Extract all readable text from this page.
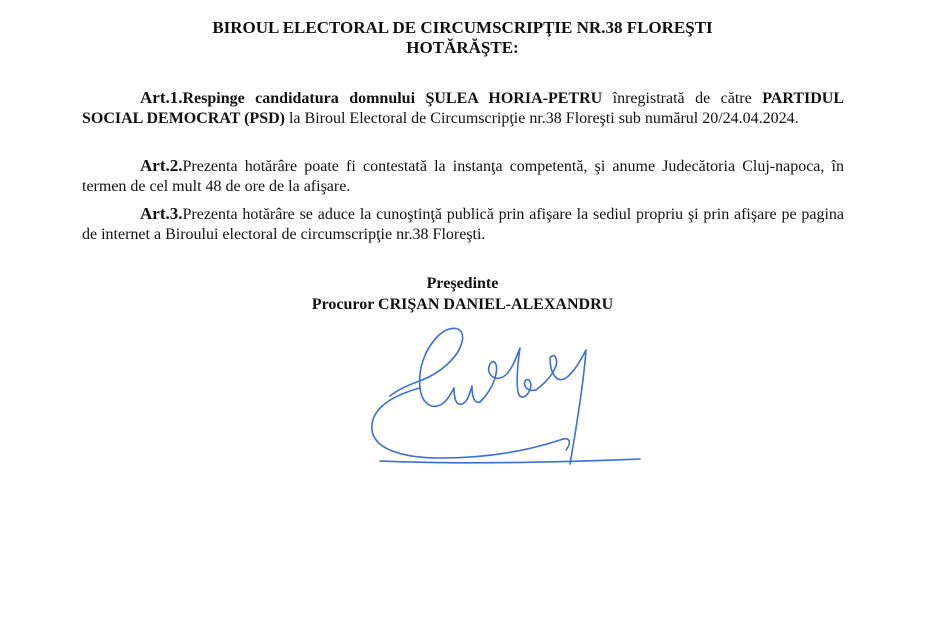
BIROUL ELECTORAL DE CIRCUMSCRIPŢIE NR.38 FLOREŞTI
HOTĂRĂŞTE:

Art.1.Respinge candidatura domnului ŞULEA HORIA-PETRU înregistrată de către PARTIDUL SOCIAL DEMOCRAT (PSD) la Biroul Electoral de Circumscripţie nr.38 Floreşti sub numărul 20/24.04.2024.

Art.2.Prezenta hotărâre poate fi contestată la instanţa competentă, şi anume Judecătoria Cluj-napoca, în termen de cel mult 48 de ore de la afişare.

Art.3.Prezenta hotărâre se aduce la cunoştinţă publică prin afişare la sediul propriu şi prin afişare pe pagina de internet a Biroului electoral de circumscripţie nr.38 Floreşti.

Preşedinte
Procuror CRIŞAN DANIEL-ALEXANDRU
